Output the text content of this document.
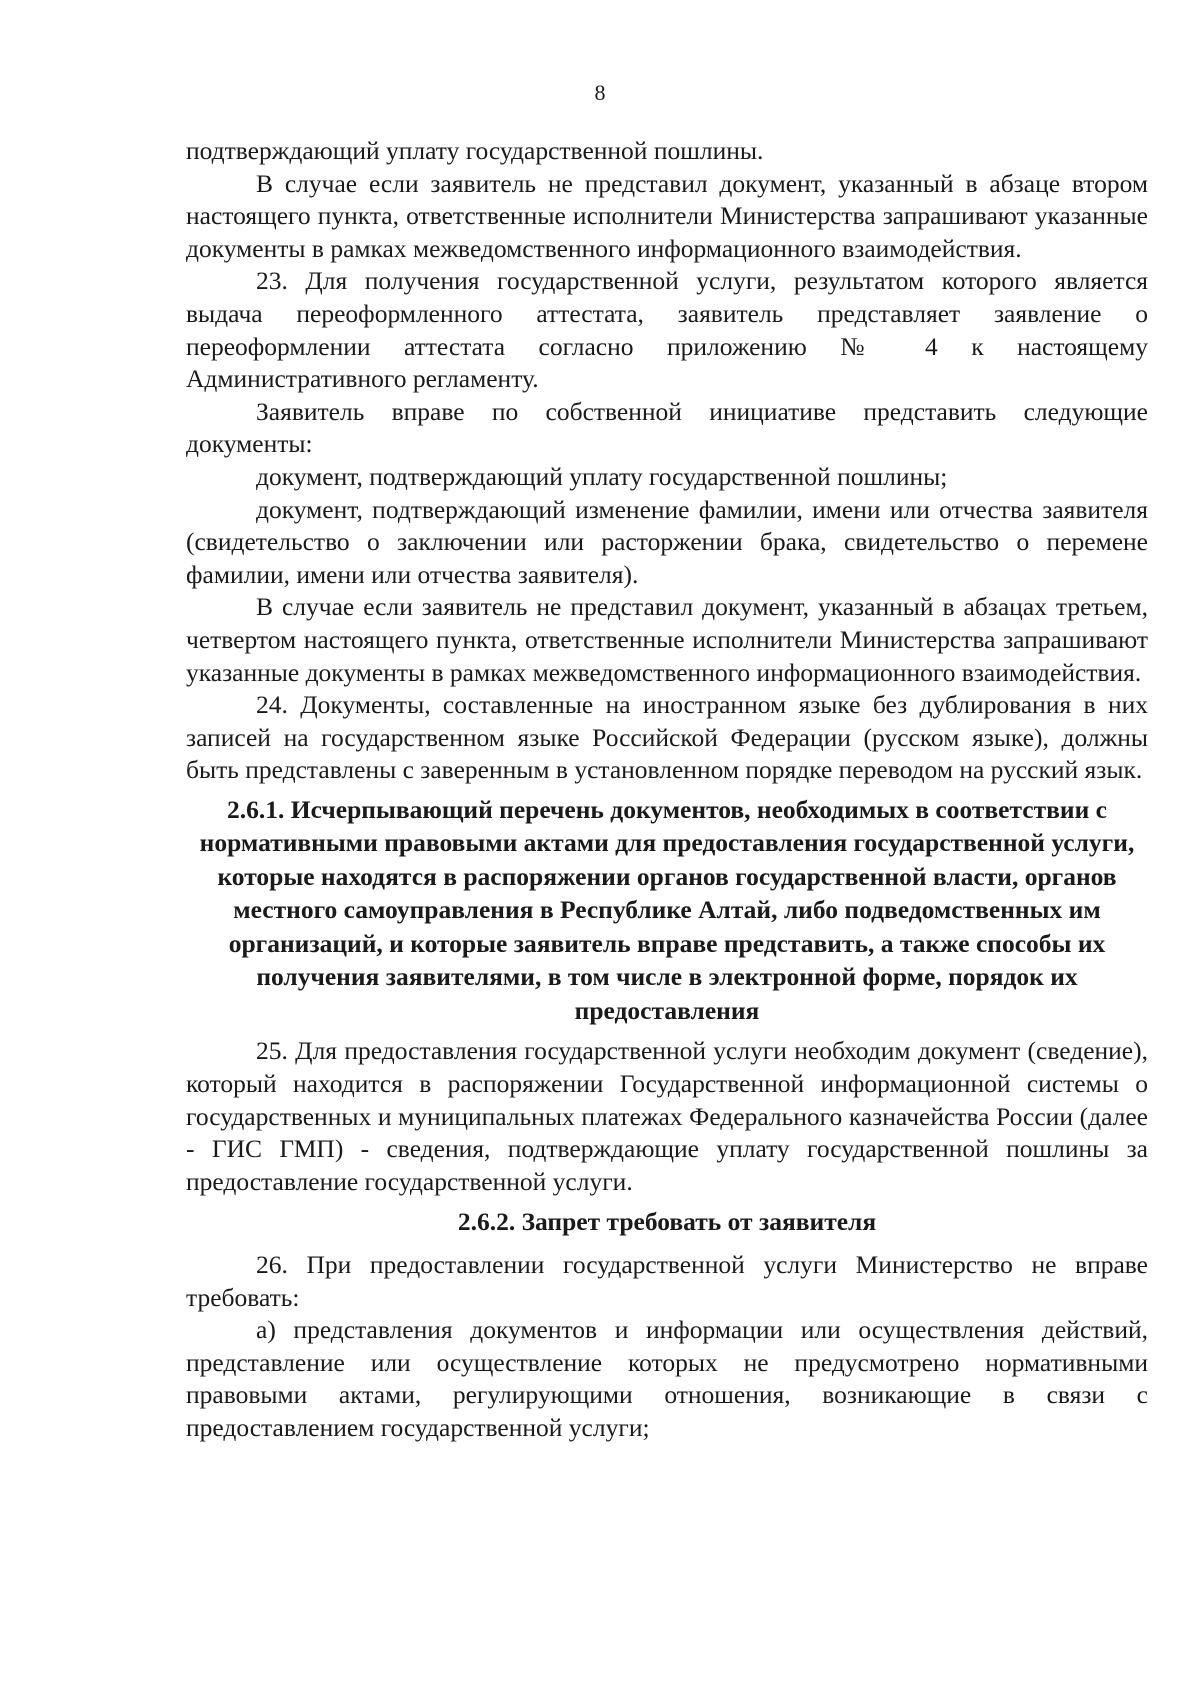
8

подтверждающий уплату государственной пошлины.

В случае если заявитель не представил документ, указанный в абзаце втором настоящего пункта, ответственные исполнители Министерства запрашивают указанные документы в рамках межведомственного информационного взаимодействия.

23. Для получения государственной услуги, результатом которого является выдача переоформленного аттестата, заявитель представляет заявление о переоформлении аттестата согласно приложению № 4 к настоящему Административного регламенту.

Заявитель вправе по собственной инициативе представить следующие документы:

документ, подтверждающий уплату государственной пошлины;

документ, подтверждающий изменение фамилии, имени или отчества заявителя (свидетельство о заключении или расторжении брака, свидетельство о перемене фамилии, имени или отчества заявителя).

В случае если заявитель не представил документ, указанный в абзацах третьем, четвертом настоящего пункта, ответственные исполнители Министерства запрашивают указанные документы в рамках межведомственного информационного взаимодействия.

24. Документы, составленные на иностранном языке без дублирования в них записей на государственном языке Российской Федерации (русском языке), должны быть представлены с заверенным в установленном порядке переводом на русский язык.

2.6.1. Исчерпывающий перечень документов, необходимых в соответствии с нормативными правовыми актами для предоставления государственной услуги, которые находятся в распоряжении органов государственной власти, органов местного самоуправления в Республике Алтай, либо подведомственных им организаций, и которые заявитель вправе представить, а также способы их получения заявителями, в том числе в электронной форме, порядок их предоставления

25. Для предоставления государственной услуги необходим документ (сведение), который находится в распоряжении Государственной информационной системы о государственных и муниципальных платежах Федерального казначейства России (далее - ГИС ГМП) - сведения, подтверждающие уплату государственной пошлины за предоставление государственной услуги.

2.6.2. Запрет требовать от заявителя

26. При предоставлении государственной услуги Министерство не вправе требовать:

а) представления документов и информации или осуществления действий, представление или осуществление которых не предусмотрено нормативными правовыми актами, регулирующими отношения, возникающие в связи с предоставлением государственной услуги;
